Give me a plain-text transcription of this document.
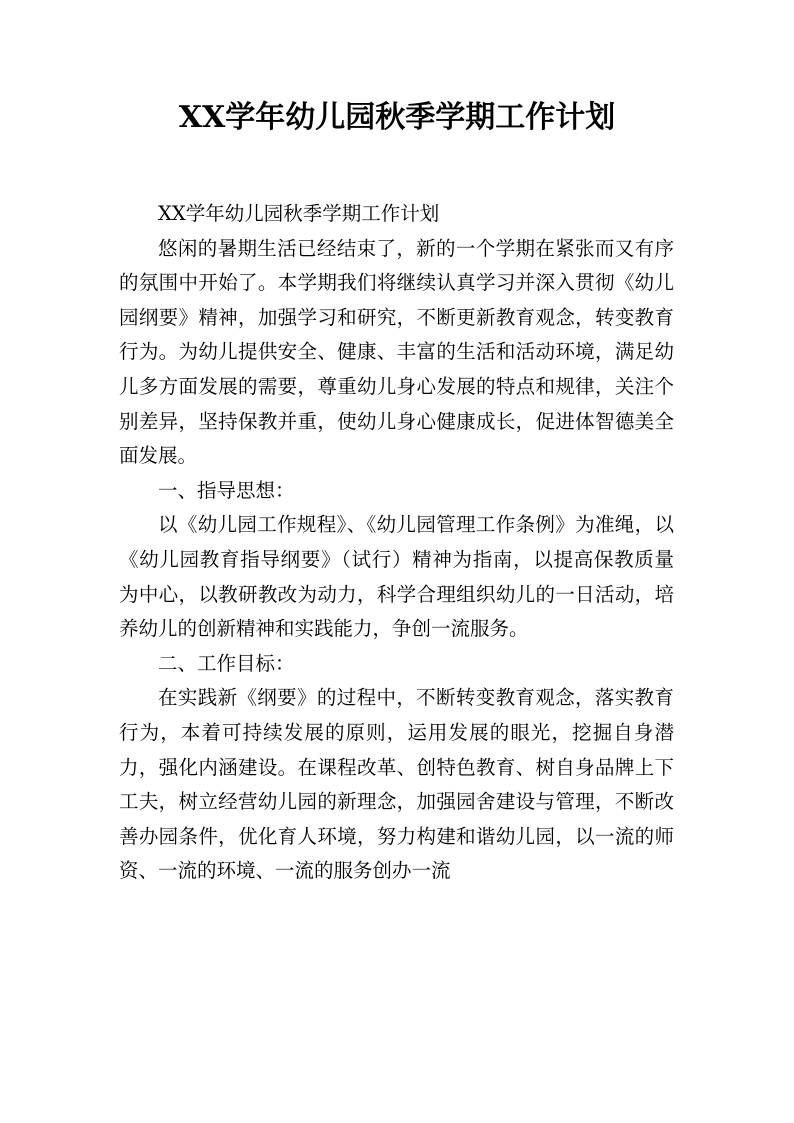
XX学年幼儿园秋季学期工作计划

XX学年幼儿园秋季学期工作计划

悠闲的暑期生活已经结束了，新的一个学期在紧张而又有序的氛围中开始了。本学期我们将继续认真学习并深入贯彻《幼儿园纲要》精神，加强学习和研究，不断更新教育观念，转变教育行为。为幼儿提供安全、健康、丰富的生活和活动环境，满足幼儿多方面发展的需要，尊重幼儿身心发展的特点和规律，关注个别差异，坚持保教并重，使幼儿身心健康成长，促进体智德美全面发展。

一、指导思想：

以《幼儿园工作规程》、《幼儿园管理工作条例》为准绳，以《幼儿园教育指导纲要》（试行）精神为指南，以提高保教质量为中心，以教研教改为动力，科学合理组织幼儿的一日活动，培养幼儿的创新精神和实践能力，争创一流服务。

二、工作目标：

在实践新《纲要》的过程中，不断转变教育观念，落实教育行为，本着可持续发展的原则，运用发展的眼光，挖掘自身潜力，强化内涵建设。在课程改革、创特色教育、树自身品牌上下工夫，树立经营幼儿园的新理念，加强园舍建设与管理，不断改善办园条件，优化育人环境，努力构建和谐幼儿园，以一流的师资、一流的环境、一流的服务创办一流
